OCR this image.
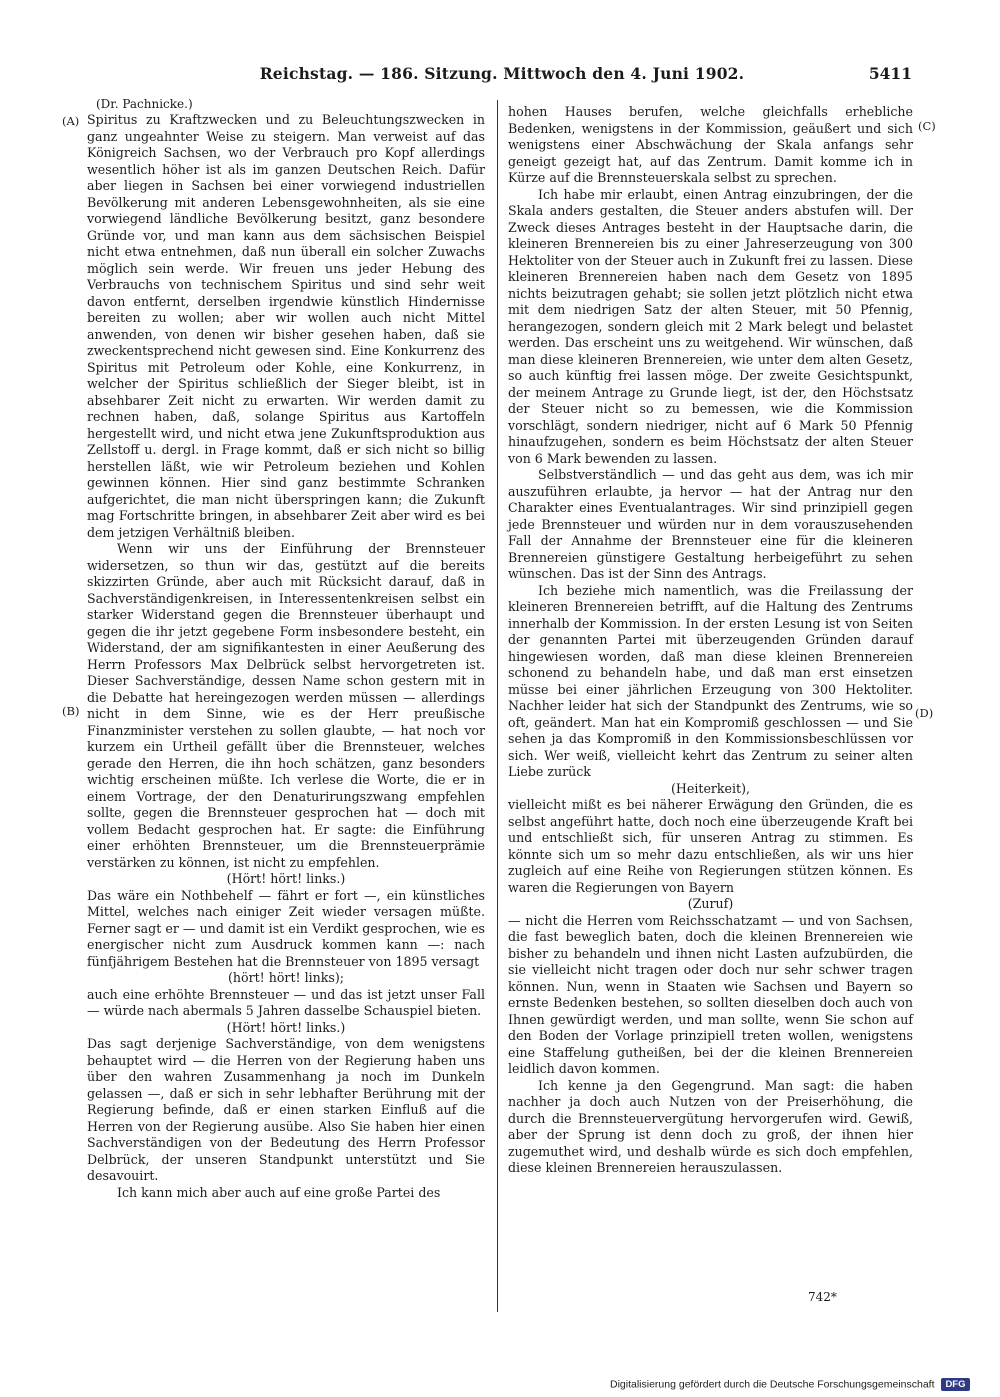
Reichstag. — 186. Sitzung. Mittwoch den 4. Juni 1902.	5411
(Dr. Pachnicke.)
(A)
(B)
(C)
(D)

Spiritus zu Kraftzwecken und zu Beleuchtungszwecken in ganz ungeahnter Weise zu steigern. Man verweist auf das Königreich Sachsen, wo der Verbrauch pro Kopf allerdings wesentlich höher ist als im ganzen Deutschen Reich. Dafür aber liegen in Sachsen bei einer vorwiegend industriellen Bevölkerung mit anderen Lebensgewohnheiten, als sie eine vorwiegend ländliche Bevölkerung besitzt, ganz besondere Gründe vor, und man kann aus dem sächsischen Beispiel nicht etwa entnehmen, daß nun überall ein solcher Zuwachs möglich sein werde. Wir freuen uns jeder Hebung des Verbrauchs von technischem Spiritus und sind sehr weit davon entfernt, derselben irgendwie künstlich Hindernisse bereiten zu wollen; aber wir wollen auch nicht Mittel anwenden, von denen wir bisher gesehen haben, daß sie zweckentsprechend nicht gewesen sind. Eine Konkurrenz des Spiritus mit Petroleum oder Kohle, eine Konkurrenz, in welcher der Spiritus schließlich der Sieger bleibt, ist in absehbarer Zeit nicht zu erwarten. Wir werden damit zu rechnen haben, daß, solange Spiritus aus Kartoffeln hergestellt wird, und nicht etwa jene Zukunftsproduktion aus Zellstoff u. dergl. in Frage kommt, daß er sich nicht so billig herstellen läßt, wie wir Petroleum beziehen und Kohlen gewinnen können. Hier sind ganz bestimmte Schranken aufgerichtet, die man nicht überspringen kann; die Zukunft mag Fortschritte bringen, in absehbarer Zeit aber wird es bei dem jetzigen Verhältniß bleiben.

Wenn wir uns der Einführung der Brennsteuer widersetzen, so thun wir das, gestützt auf die bereits skizzirten Gründe, aber auch mit Rücksicht darauf, daß in Sachverständigenkreisen, in Interessentenkreisen selbst ein starker Widerstand gegen die Brennsteuer überhaupt und gegen die ihr jetzt gegebene Form insbesondere besteht, ein Widerstand, der am signifikantesten in einer Aeußerung des Herrn Professors Max Delbrück selbst hervorgetreten ist. Dieser Sachverständige, dessen Name schon gestern mit in die Debatte hat hereingezogen werden müssen — allerdings nicht in dem Sinne, wie es der Herr preußische Finanzminister verstehen zu sollen glaubte, — hat noch vor kurzem ein Urtheil gefällt über die Brennsteuer, welches gerade den Herren, die ihn hoch schätzen, ganz besonders wichtig erscheinen müßte. Ich verlese die Worte, die er in einem Vortrage, der den Denaturirungszwang empfehlen sollte, gegen die Brennsteuer gesprochen hat — doch mit vollem Bedacht gesprochen hat. Er sagte: die Einführung einer erhöhten Brennsteuer, um die Brennsteuerprämie verstärken zu können, ist nicht zu empfehlen.

(Hört! hört! links.)

Das wäre ein Nothbehelf — fährt er fort —, ein künstliches Mittel, welches nach einiger Zeit wieder versagen müßte. Ferner sagt er — und damit ist ein Verdikt gesprochen, wie es energischer nicht zum Ausdruck kommen kann —: nach fünfjährigem Bestehen hat die Brennsteuer von 1895 versagt

(hört! hört! links);

auch eine erhöhte Brennsteuer — und das ist jetzt unser Fall — würde nach abermals 5 Jahren dasselbe Schauspiel bieten.

(Hört! hört! links.)

Das sagt derjenige Sachverständige, von dem wenigstens behauptet wird — die Herren von der Regierung haben uns über den wahren Zusammenhang ja noch im Dunkeln gelassen —, daß er sich in sehr lebhafter Berührung mit der Regierung befinde, daß er einen starken Einfluß auf die Herren von der Regierung ausübe. Also Sie haben hier einen Sachverständigen von der Bedeutung des Herrn Professor Delbrück, der unseren Standpunkt unterstützt und Sie desavouirt.

Ich kann mich aber auch auf eine große Partei des

hohen Hauses berufen, welche gleichfalls erhebliche Bedenken, wenigstens in der Kommission, geäußert und sich wenigstens einer Abschwächung der Skala anfangs sehr geneigt gezeigt hat, auf das Zentrum. Damit komme ich in Kürze auf die Brennsteuerskala selbst zu sprechen.

Ich habe mir erlaubt, einen Antrag einzubringen, der die Skala anders gestalten, die Steuer anders abstufen will. Der Zweck dieses Antrages besteht in der Hauptsache darin, die kleineren Brennereien bis zu einer Jahreserzeugung von 300 Hektoliter von der Steuer auch in Zukunft frei zu lassen. Diese kleineren Brennereien haben nach dem Gesetz von 1895 nichts beizutragen gehabt; sie sollen jetzt plötzlich nicht etwa mit dem niedrigen Satz der alten Steuer, mit 50 Pfennig, herangezogen, sondern gleich mit 2 Mark belegt und belastet werden. Das erscheint uns zu weitgehend. Wir wünschen, daß man diese kleineren Brennereien, wie unter dem alten Gesetz, so auch künftig frei lassen möge. Der zweite Gesichtspunkt, der meinem Antrage zu Grunde liegt, ist der, den Höchstsatz der Steuer nicht so zu bemessen, wie die Kommission vorschlägt, sondern niedriger, nicht auf 6 Mark 50 Pfennig hinaufzugehen, sondern es beim Höchstsatz der alten Steuer von 6 Mark bewenden zu lassen.

Selbstverständlich — und das geht aus dem, was ich mir auszuführen erlaubte, ja hervor — hat der Antrag nur den Charakter eines Eventualantrages. Wir sind prinzipiell gegen jede Brennsteuer und würden nur in dem vorauszusehenden Fall der Annahme der Brennsteuer eine für die kleineren Brennereien günstigere Gestaltung herbeigeführt zu sehen wünschen. Das ist der Sinn des Antrags.

Ich beziehe mich namentlich, was die Freilassung der kleineren Brennereien betrifft, auf die Haltung des Zentrums innerhalb der Kommission. In der ersten Lesung ist von Seiten der genannten Partei mit überzeugenden Gründen darauf hingewiesen worden, daß man diese kleinen Brennereien schonend zu behandeln habe, und daß man erst einsetzen müsse bei einer jährlichen Erzeugung von 300 Hektoliter. Nachher leider hat sich der Standpunkt des Zentrums, wie so oft, geändert. Man hat ein Kompromiß geschlossen — und Sie sehen ja das Kompromiß in den Kommissionsbeschlüssen vor sich. Wer weiß, vielleicht kehrt das Zentrum zu seiner alten Liebe zurück

(Heiterkeit),

vielleicht mißt es bei näherer Erwägung den Gründen, die es selbst angeführt hatte, doch noch eine überzeugende Kraft bei und entschließt sich, für unseren Antrag zu stimmen. Es könnte sich um so mehr dazu entschließen, als wir uns hier zugleich auf eine Reihe von Regierungen stützen können. Es waren die Regierungen von Bayern

(Zuruf)

— nicht die Herren vom Reichsschatzamt — und von Sachsen, die fast beweglich baten, doch die kleinen Brennereien wie bisher zu behandeln und ihnen nicht Lasten aufzubürden, die sie vielleicht nicht tragen oder doch nur sehr schwer tragen können. Nun, wenn in Staaten wie Sachsen und Bayern so ernste Bedenken bestehen, so sollten dieselben doch auch von Ihnen gewürdigt werden, und man sollte, wenn Sie schon auf den Boden der Vorlage prinzipiell treten wollen, wenigstens eine Staffelung gutheißen, bei der die kleinen Brennereien leidlich davon kommen.

Ich kenne ja den Gegengrund. Man sagt: die haben nachher ja doch auch Nutzen von der Preiserhöhung, die durch die Brennsteuervergütung hervorgerufen wird. Gewiß, aber der Sprung ist denn doch zu groß, der ihnen hier zugemuthet wird, und deshalb würde es sich doch empfehlen, diese kleinen Brennereien herauszulassen.

742*
Digitalisierung gefördert durch die Deutsche Forschungsgemeinschaft DFG
